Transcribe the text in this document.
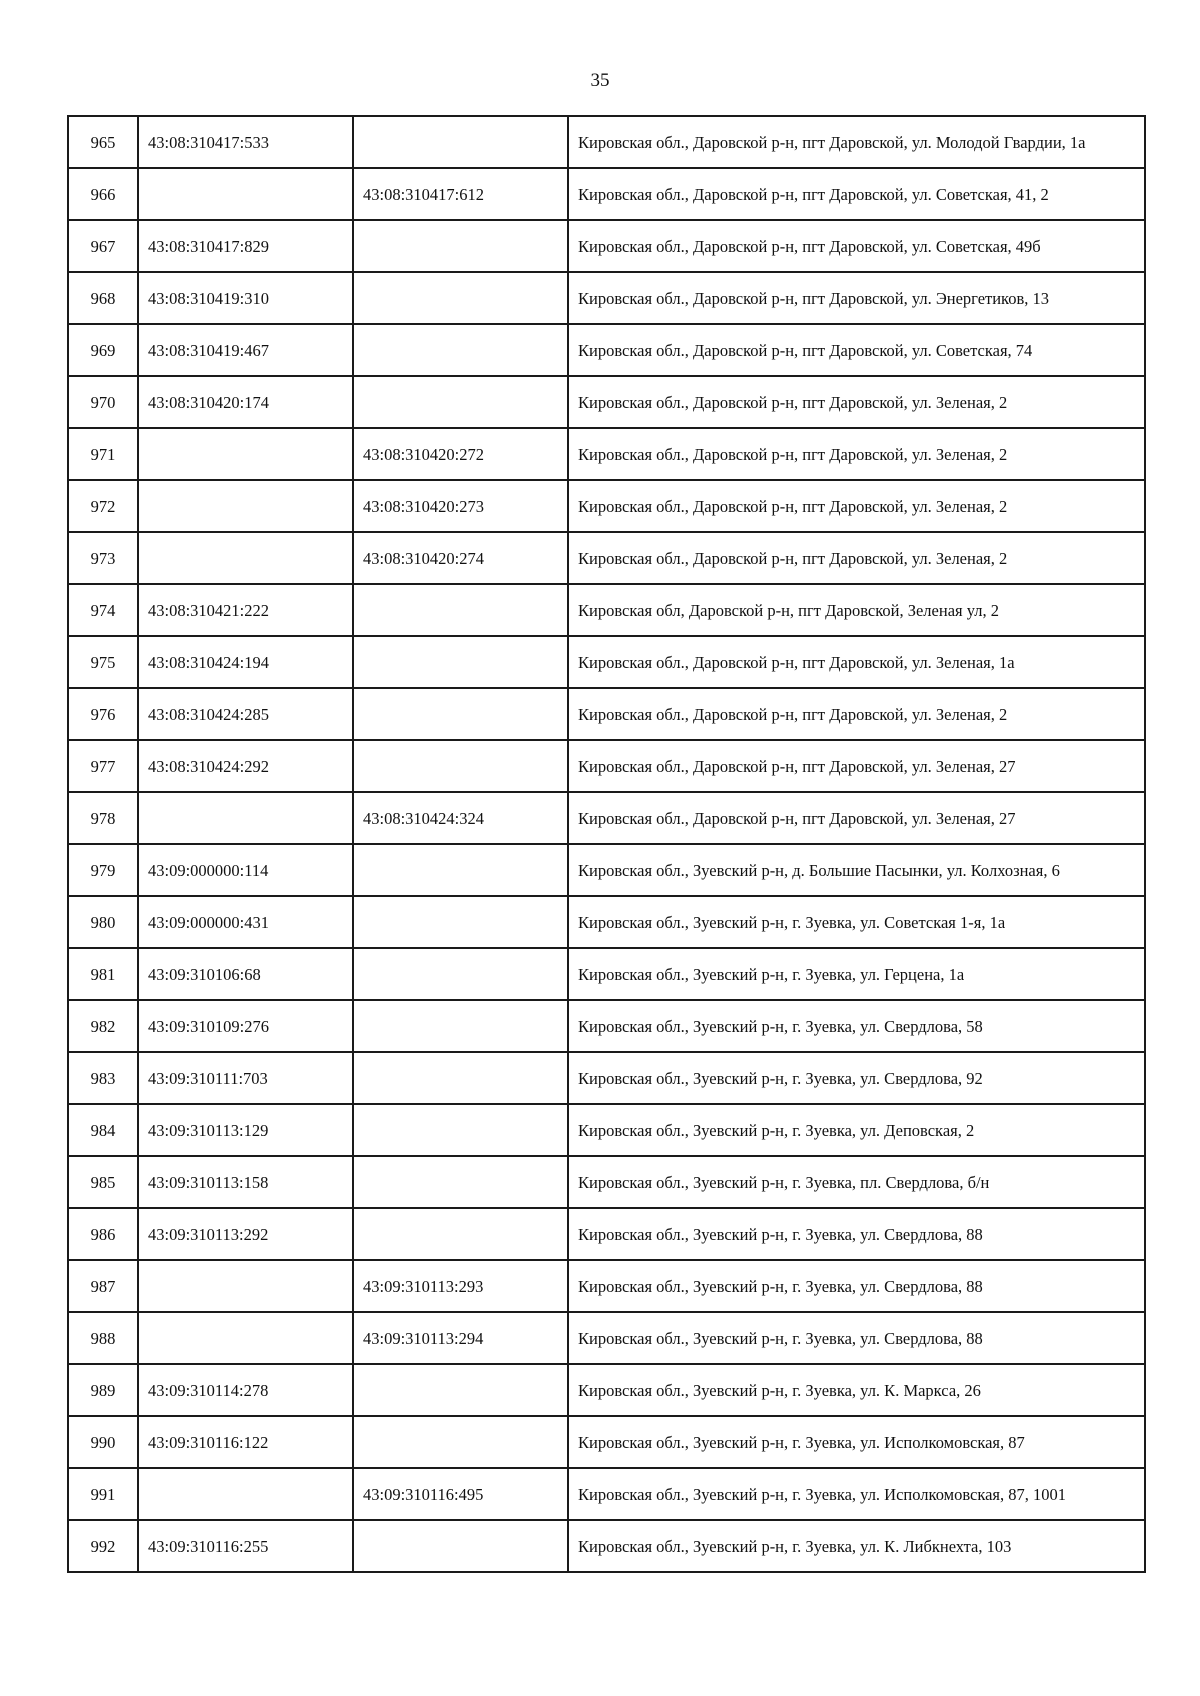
35
965	43:08:310417:533		Кировская обл., Даровской р-н, пгт Даровской, ул. Молодой Гвардии, 1а
966		43:08:310417:612	Кировская обл., Даровской р-н, пгт Даровской, ул. Советская, 41, 2
967	43:08:310417:829		Кировская обл., Даровской р-н, пгт Даровской, ул. Советская, 49б
968	43:08:310419:310		Кировская обл., Даровской р-н, пгт Даровской, ул. Энергетиков, 13
969	43:08:310419:467		Кировская обл., Даровской р-н, пгт Даровской, ул. Советская, 74
970	43:08:310420:174		Кировская обл., Даровской р-н, пгт Даровской, ул. Зеленая, 2
971		43:08:310420:272	Кировская обл., Даровской р-н, пгт Даровской, ул. Зеленая, 2
972		43:08:310420:273	Кировская обл., Даровской р-н, пгт Даровской, ул. Зеленая, 2
973		43:08:310420:274	Кировская обл., Даровской р-н, пгт Даровской, ул. Зеленая, 2
974	43:08:310421:222		Кировская обл, Даровской р-н, пгт Даровской, Зеленая ул, 2
975	43:08:310424:194		Кировская обл., Даровской р-н, пгт Даровской, ул. Зеленая, 1а
976	43:08:310424:285		Кировская обл., Даровской р-н, пгт Даровской, ул. Зеленая, 2
977	43:08:310424:292		Кировская обл., Даровской р-н, пгт Даровской, ул. Зеленая, 27
978		43:08:310424:324	Кировская обл., Даровской р-н, пгт Даровской, ул. Зеленая, 27
979	43:09:000000:114		Кировская обл., Зуевский р-н, д. Большие Пасынки, ул. Колхозная, 6
980	43:09:000000:431		Кировская обл., Зуевский р-н, г. Зуевка, ул. Советская 1-я, 1а
981	43:09:310106:68		Кировская обл., Зуевский р-н, г. Зуевка, ул. Герцена, 1а
982	43:09:310109:276		Кировская обл., Зуевский р-н, г. Зуевка, ул. Свердлова, 58
983	43:09:310111:703		Кировская обл., Зуевский р-н, г. Зуевка, ул. Свердлова, 92
984	43:09:310113:129		Кировская обл., Зуевский р-н, г. Зуевка, ул. Деповская, 2
985	43:09:310113:158		Кировская обл., Зуевский р-н, г. Зуевка, пл. Свердлова, б/н
986	43:09:310113:292		Кировская обл., Зуевский р-н, г. Зуевка, ул. Свердлова, 88
987		43:09:310113:293	Кировская обл., Зуевский р-н, г. Зуевка, ул. Свердлова, 88
988		43:09:310113:294	Кировская обл., Зуевский р-н, г. Зуевка, ул. Свердлова, 88
989	43:09:310114:278		Кировская обл., Зуевский р-н, г. Зуевка, ул. К. Маркса, 26
990	43:09:310116:122		Кировская обл., Зуевский р-н, г. Зуевка, ул. Исполкомовская, 87
991		43:09:310116:495	Кировская обл., Зуевский р-н, г. Зуевка, ул. Исполкомовская, 87, 1001
992	43:09:310116:255		Кировская обл., Зуевский р-н, г. Зуевка, ул. К. Либкнехта, 103
